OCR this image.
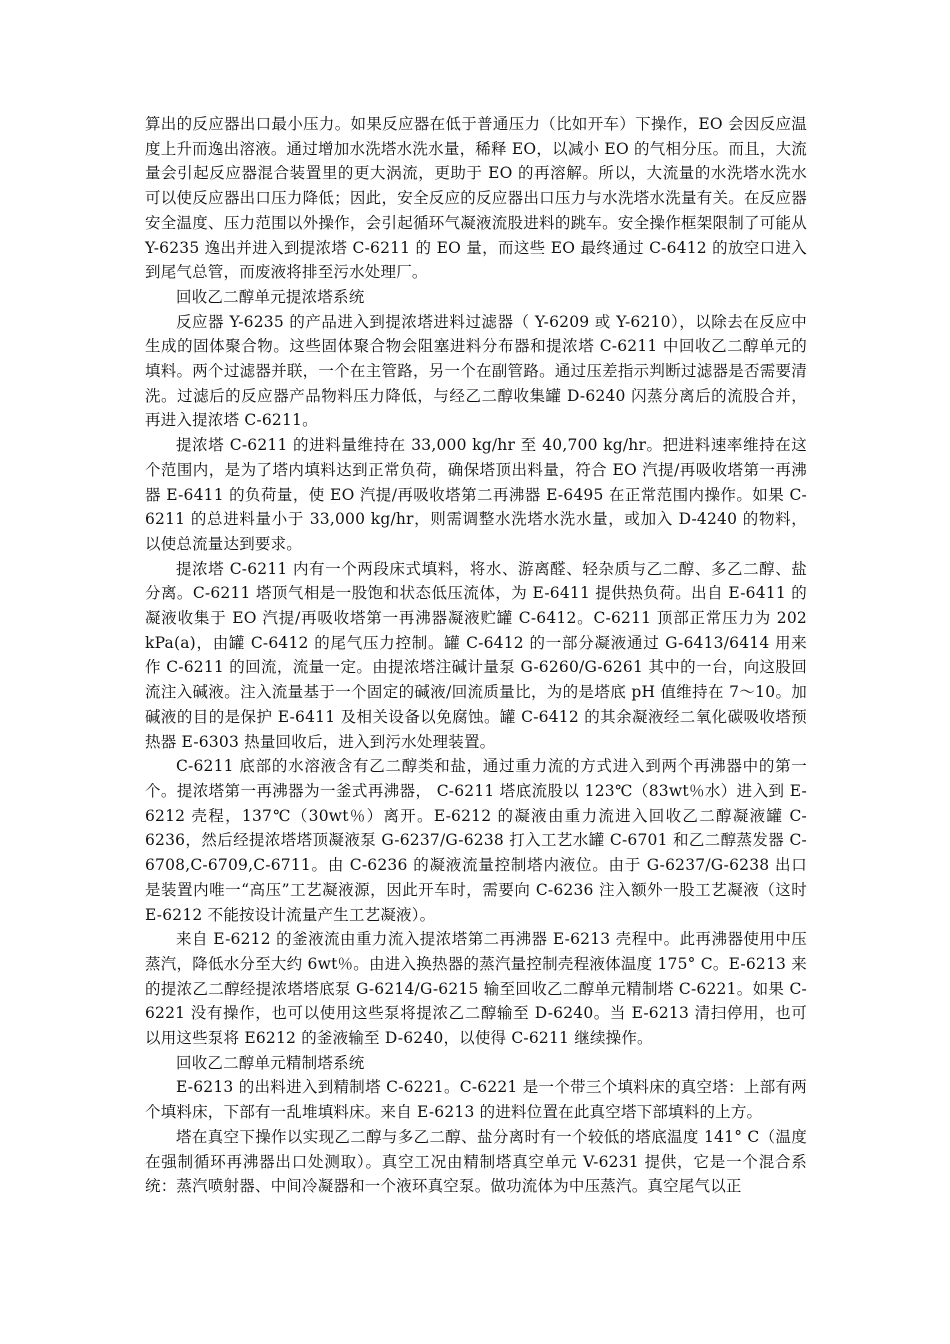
算出的反应器出口最小压力。如果反应器在低于普通压力（比如开车）下操作，EO 会因反应温度上升而逸出溶液。通过增加水洗塔水洗水量，稀释 EO，以减小 EO 的气相分压。而且，大流量会引起反应器混合装置里的更大涡流，更助于 EO 的再溶解。所以，大流量的水洗塔水洗水可以使反应器出口压力降低；因此，安全反应的反应器出口压力与水洗塔水洗量有关。在反应器安全温度、压力范围以外操作，会引起循环气凝液流股进料的跳车。安全操作框架限制了可能从 Y-6235 逸出并进入到提浓塔 C-6211 的 EO 量，而这些 EO 最终通过 C-6412 的放空口进入到尾气总管，而废液将排至污水处理厂。

回收乙二醇单元提浓塔系统

反应器 Y-6235 的产品进入到提浓塔进料过滤器（ Y-6209 或 Y-6210），以除去在反应中生成的固体聚合物。这些固体聚合物会阻塞进料分布器和提浓塔 C-6211 中回收乙二醇单元的填料。两个过滤器并联，一个在主管路，另一个在副管路。通过压差指示判断过滤器是否需要清洗。过滤后的反应器产品物料压力降低，与经乙二醇收集罐 D-6240 闪蒸分离后的流股合并，再进入提浓塔 C-6211。

提浓塔 C-6211 的进料量维持在 33,000 kg/hr 至 40,700 kg/hr。把进料速率维持在这个范围内，是为了塔内填料达到正常负荷，确保塔顶出料量，符合 EO 汽提/再吸收塔第一再沸器 E-6411 的负荷量，使 EO 汽提/再吸收塔第二再沸器 E-6495 在正常范围内操作。如果 C-6211 的总进料量小于 33,000 kg/hr，则需调整水洗塔水洗水量，或加入 D-4240 的物料，以使总流量达到要求。

提浓塔 C-6211 内有一个两段床式填料，将水、游离醛、轻杂质与乙二醇、多乙二醇、盐分离。C-6211 塔顶气相是一股饱和状态低压流体，为 E-6411 提供热负荷。出自 E-6411 的凝液收集于 EO 汽提/再吸收塔第一再沸器凝液贮罐 C-6412。C-6211 顶部正常压力为 202 kPa(a)，由罐 C-6412 的尾气压力控制。罐 C-6412 的一部分凝液通过 G-6413/6414 用来作 C-6211 的回流，流量一定。由提浓塔注碱计量泵 G-6260/G-6261 其中的一台，向这股回流注入碱液。注入流量基于一个固定的碱液/回流质量比，为的是塔底 pH 值维持在 7～10。加碱液的目的是保护 E-6411 及相关设备以免腐蚀。罐 C-6412 的其余凝液经二氧化碳吸收塔预热器 E-6303 热量回收后，进入到污水处理装置。

C-6211 底部的水溶液含有乙二醇类和盐，通过重力流的方式进入到两个再沸器中的第一个。提浓塔第一再沸器为一釜式再沸器， C-6211 塔底流股以 123℃（83wt％水）进入到 E-6212 壳程，137℃（30wt％）离开。E-6212 的凝液由重力流进入回收乙二醇凝液罐 C-6236，然后经提浓塔塔顶凝液泵 G-6237/G-6238 打入工艺水罐 C-6701 和乙二醇蒸发器 C-6708,C-6709,C-6711。由 C-6236 的凝液流量控制塔内液位。由于 G-6237/G-6238 出口是装置内唯一“高压”工艺凝液源，因此开车时，需要向 C-6236 注入额外一股工艺凝液（这时 E-6212 不能按设计流量产生工艺凝液）。

来自 E-6212 的釜液流由重力流入提浓塔第二再沸器 E-6213 壳程中。此再沸器使用中压蒸汽，降低水分至大约 6wt％。由进入换热器的蒸汽量控制壳程液体温度 175° C。E-6213 来的提浓乙二醇经提浓塔塔底泵 G-6214/G-6215 输至回收乙二醇单元精制塔 C-6221。如果 C-6221 没有操作，也可以使用这些泵将提浓乙二醇输至 D-6240。当 E-6213 清扫停用，也可以用这些泵将 E6212 的釜液输至 D-6240，以使得 C-6211 继续操作。

回收乙二醇单元精制塔系统

E-6213 的出料进入到精制塔 C-6221。C-6221 是一个带三个填料床的真空塔：上部有两个填料床，下部有一乱堆填料床。来自 E-6213 的进料位置在此真空塔下部填料的上方。

塔在真空下操作以实现乙二醇与多乙二醇、盐分离时有一个较低的塔底温度 141° C（温度在强制循环再沸器出口处测取）。真空工况由精制塔真空单元 V-6231 提供，它是一个混合系统：蒸汽喷射器、中间冷凝器和一个液环真空泵。做功流体为中压蒸汽。真空尾气以正
